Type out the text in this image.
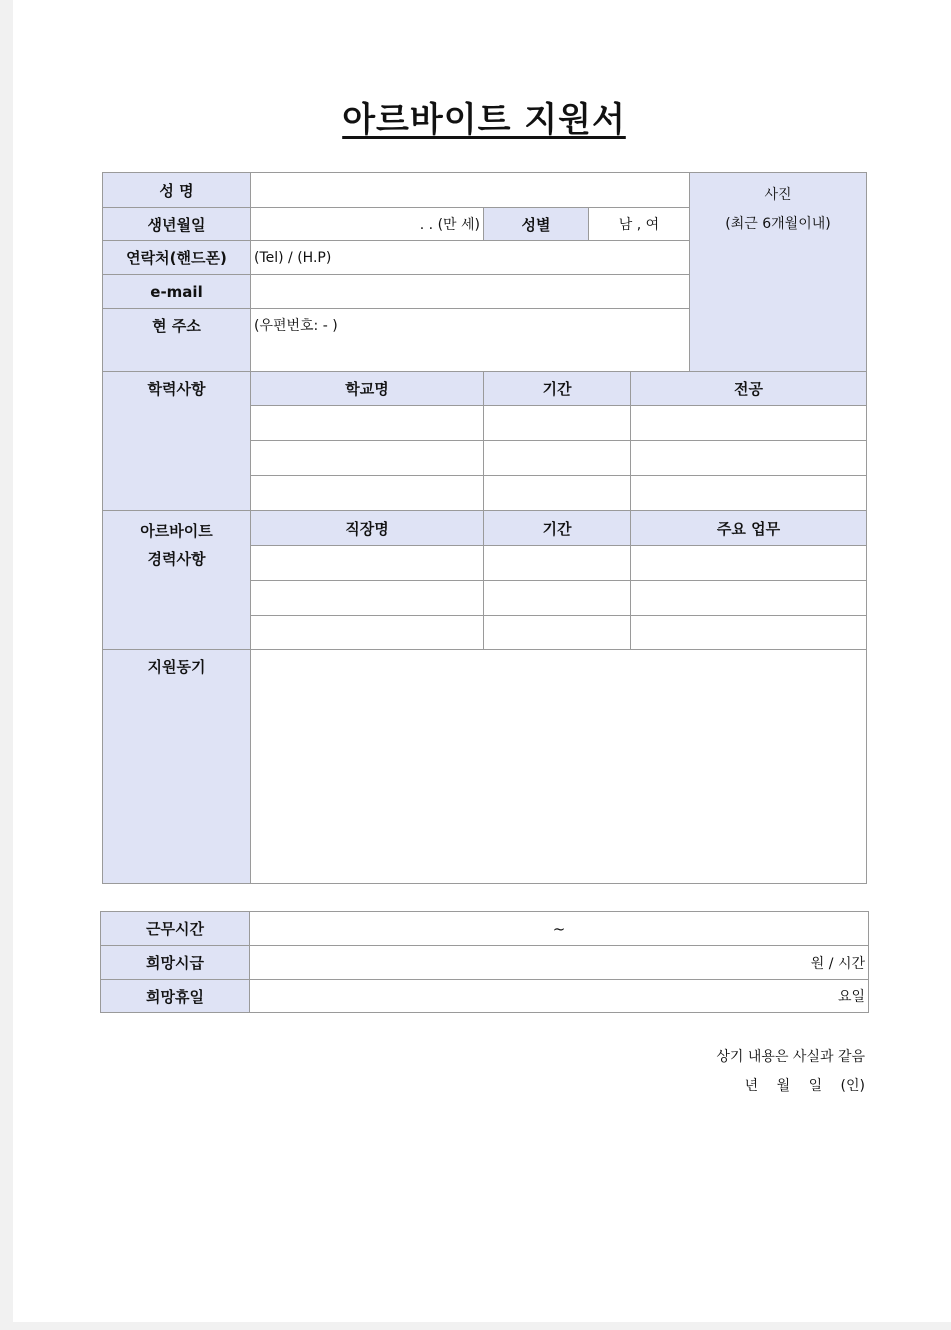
아르바이트 지원서
성 명					사진
(최근 6개월이내)

생년월일	. . (만 세)	성별	남 , 여		
연락처(핸드폰)	(Tel) / (H.P)				
e-mail					
현 주소	(우편번호: - )				
학력사항	학교명	기간		전공	

아르바이트
경력사항	직장명	기간		주요 업무	

지원동기					
근무시간	~
희망시급	원 / 시간
희망휴일	요일
상기 내용은 사실과 같음
년 월 일 (인)
